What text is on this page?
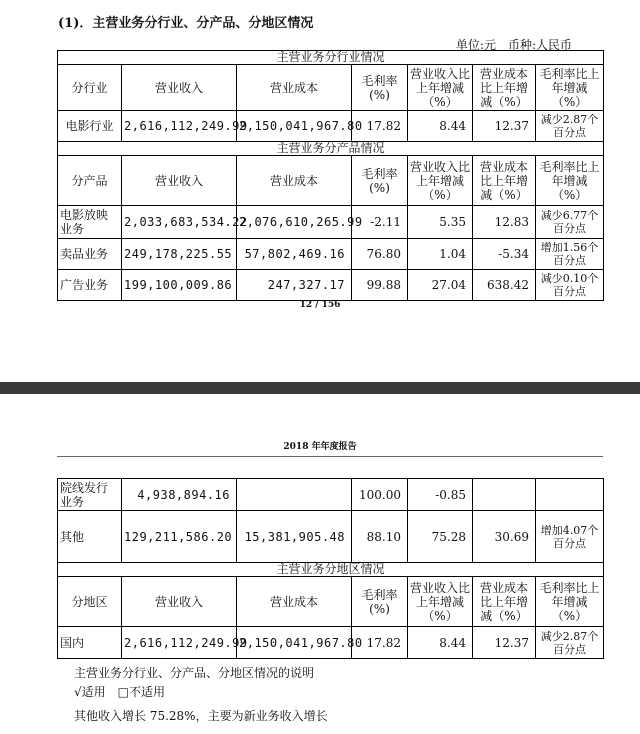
(1)．主营业务分行业、分产品、分地区情况
单位:元　币种:人民币
主营业务分行业情况						
分行业	营业收入	营业成本	毛利率(%)	营业收入比上年增减（%）	营业成本比上年增减（%）	毛利率比上年增减（%）
电影行业	2,616,112,249.99	2,150,041,967.80	17.82	8.44	12.37	减少2.87个百分点
主营业务分产品情况						
分产品	营业收入	营业成本	毛利率(%)	营业收入比上年增减（%）	营业成本比上年增减（%）	毛利率比上年增减（%）
电影放映业务	2,033,683,534.22	2,076,610,265.99	-2.11	5.35	12.83	减少6.77个百分点
卖品业务	249,178,225.55	57,802,469.16	76.80	1.04	-5.34	增加1.56个百分点
广告业务	199,100,009.86	247,327.17	99.88	27.04	638.42	减少0.10个百分点
12 / 156
2018 年年度报告
院线发行业务	4,938,894.16		100.00	-0.85		
其他	129,211,586.20	15,381,905.48	88.10	75.28	30.69	增加4.07个百分点
主营业务分地区情况						
分地区	营业收入	营业成本	毛利率(%)	营业收入比上年增减（%）	营业成本比上年增减（%）	毛利率比上年增减（%）
国内	2,616,112,249.99	2,150,041,967.80	17.82	8.44	12.37	减少2.87个百分点
主营业务分行业、分产品、分地区情况的说明
√适用　□不适用
其他收入增长 75.28%，主要为新业务收入增长
